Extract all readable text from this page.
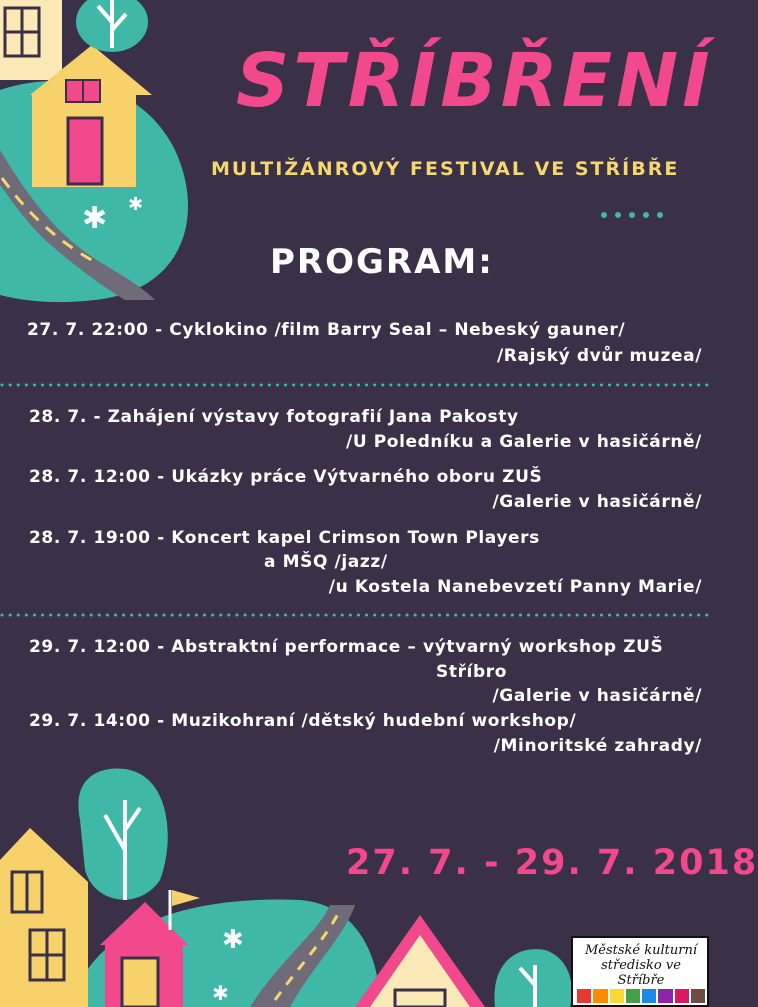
✱ ✱
✱
✱
STŘÍBŘENÍ
MULTIŽÁNROVÝ FESTIVAL VE STŘÍBŘE
PROGRAM:
27. 7. 22:00 - Cyklokino /film Barry Seal – Nebeský gauner/
/Rajský dvůr muzea/
28. 7. - Zahájení výstavy fotografií Jana Pakosty
/U Poledníku a Galerie v hasičárně/
28. 7. 12:00 - Ukázky práce Výtvarného oboru ZUŠ
/Galerie v hasičárně/
28. 7. 19:00 - Koncert kapel Crimson Town Players
a MŠQ /jazz/
/u Kostela Nanebevzetí Panny Marie/
29. 7. 12:00 - Abstraktní performace – výtvarný workshop ZUŠ
Stříbro
/Galerie v hasičárně/
29. 7. 14:00 - Muzikohraní /dětský hudební workshop/
/Minoritské zahrady/
27. 7. - 29. 7. 2018
Městské kulturní středisko ve Stříbře
